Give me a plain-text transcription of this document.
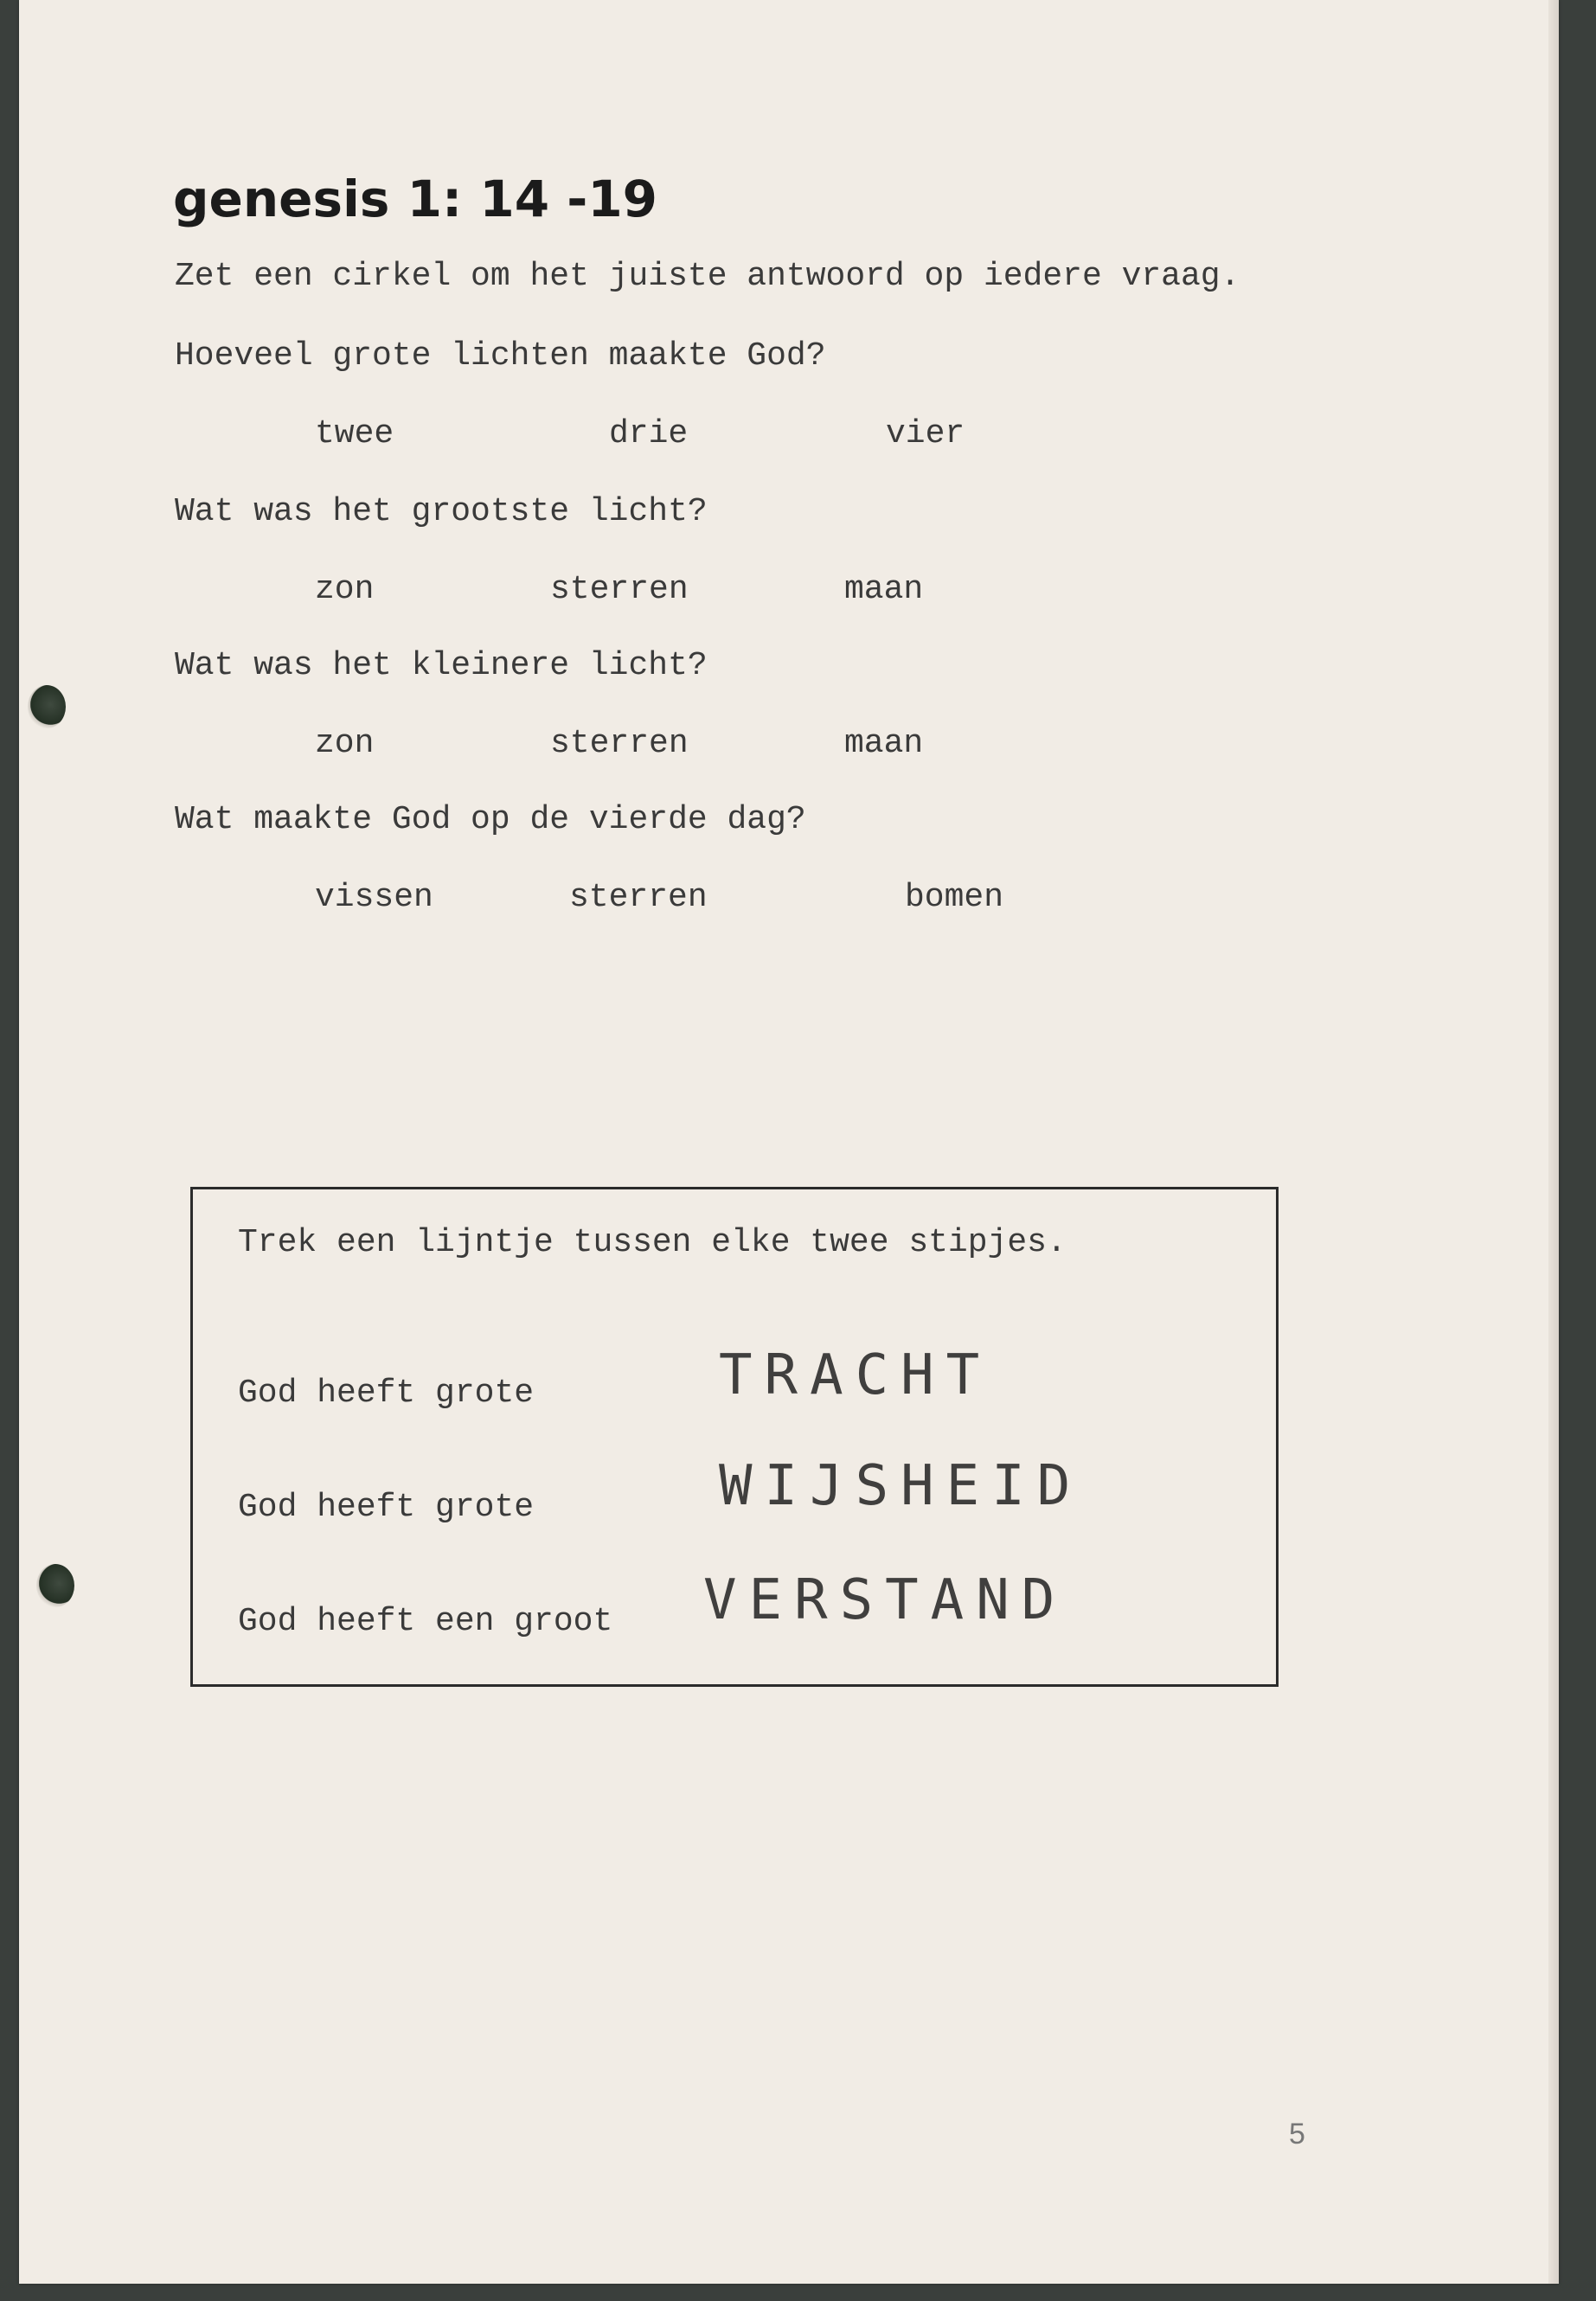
genesis 1: 14 -19
Zet een cirkel om het juiste antwoord op iedere vraag.
Hoeveel grote lichten maakte God?
twee	drie	vier
Wat was het grootste licht?
zon	sterren	maan
Wat was het kleinere licht?
zon	sterren	maan
Wat maakte God op de vierde dag?
vissen	sterren	bomen
Trek een lijntje tussen elke twee stipjes.
God heeft grote	TRACHT
God heeft grote	WIJSHEID
God heeft een groot VERSTAND
5
